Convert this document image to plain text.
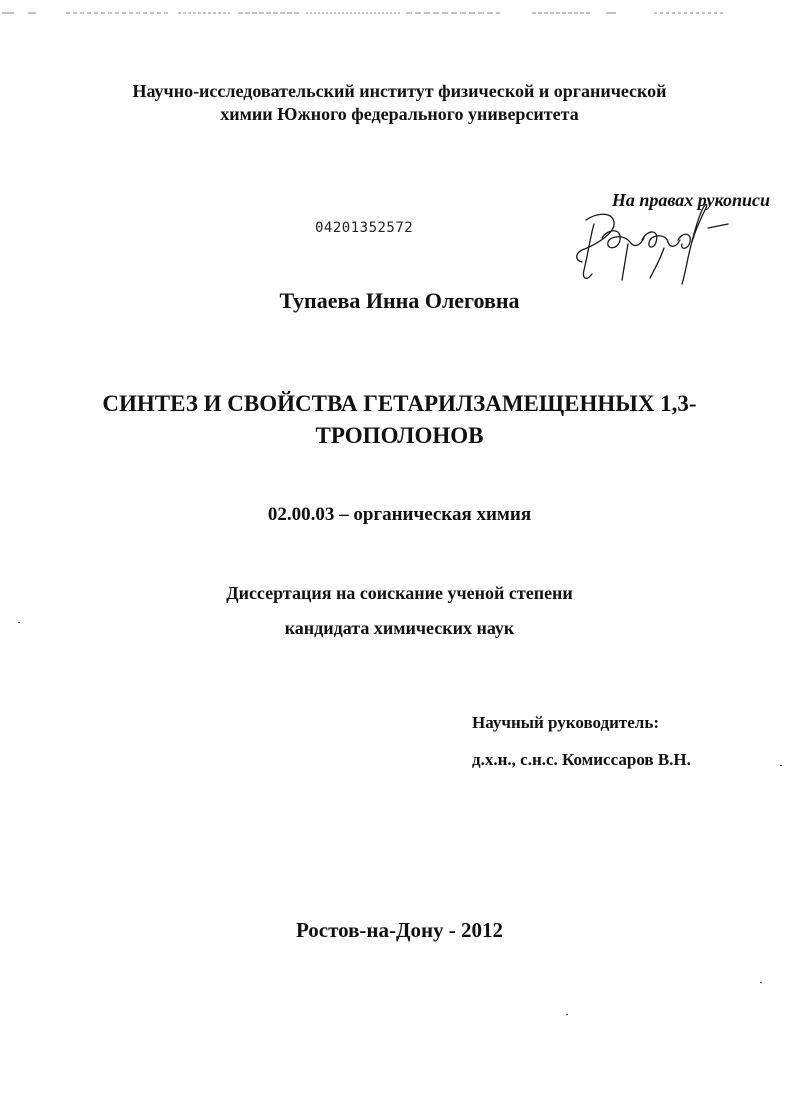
Научно-исследовательский институт физической и органической
химии Южного федерального университета
На правах рукописи
04201352572
Тупаева Инна Олеговна
СИНТЕЗ И СВОЙСТВА ГЕТАРИЛЗАМЕЩЕННЫХ 1,3-
ТРОПОЛОНОВ
02.00.03 – органическая химия
Диссертация на соискание ученой степени
кандидата химических наук
Научный руководитель:
д.х.н., с.н.с. Комиссаров В.Н.
Ростов-на-Дону - 2012
